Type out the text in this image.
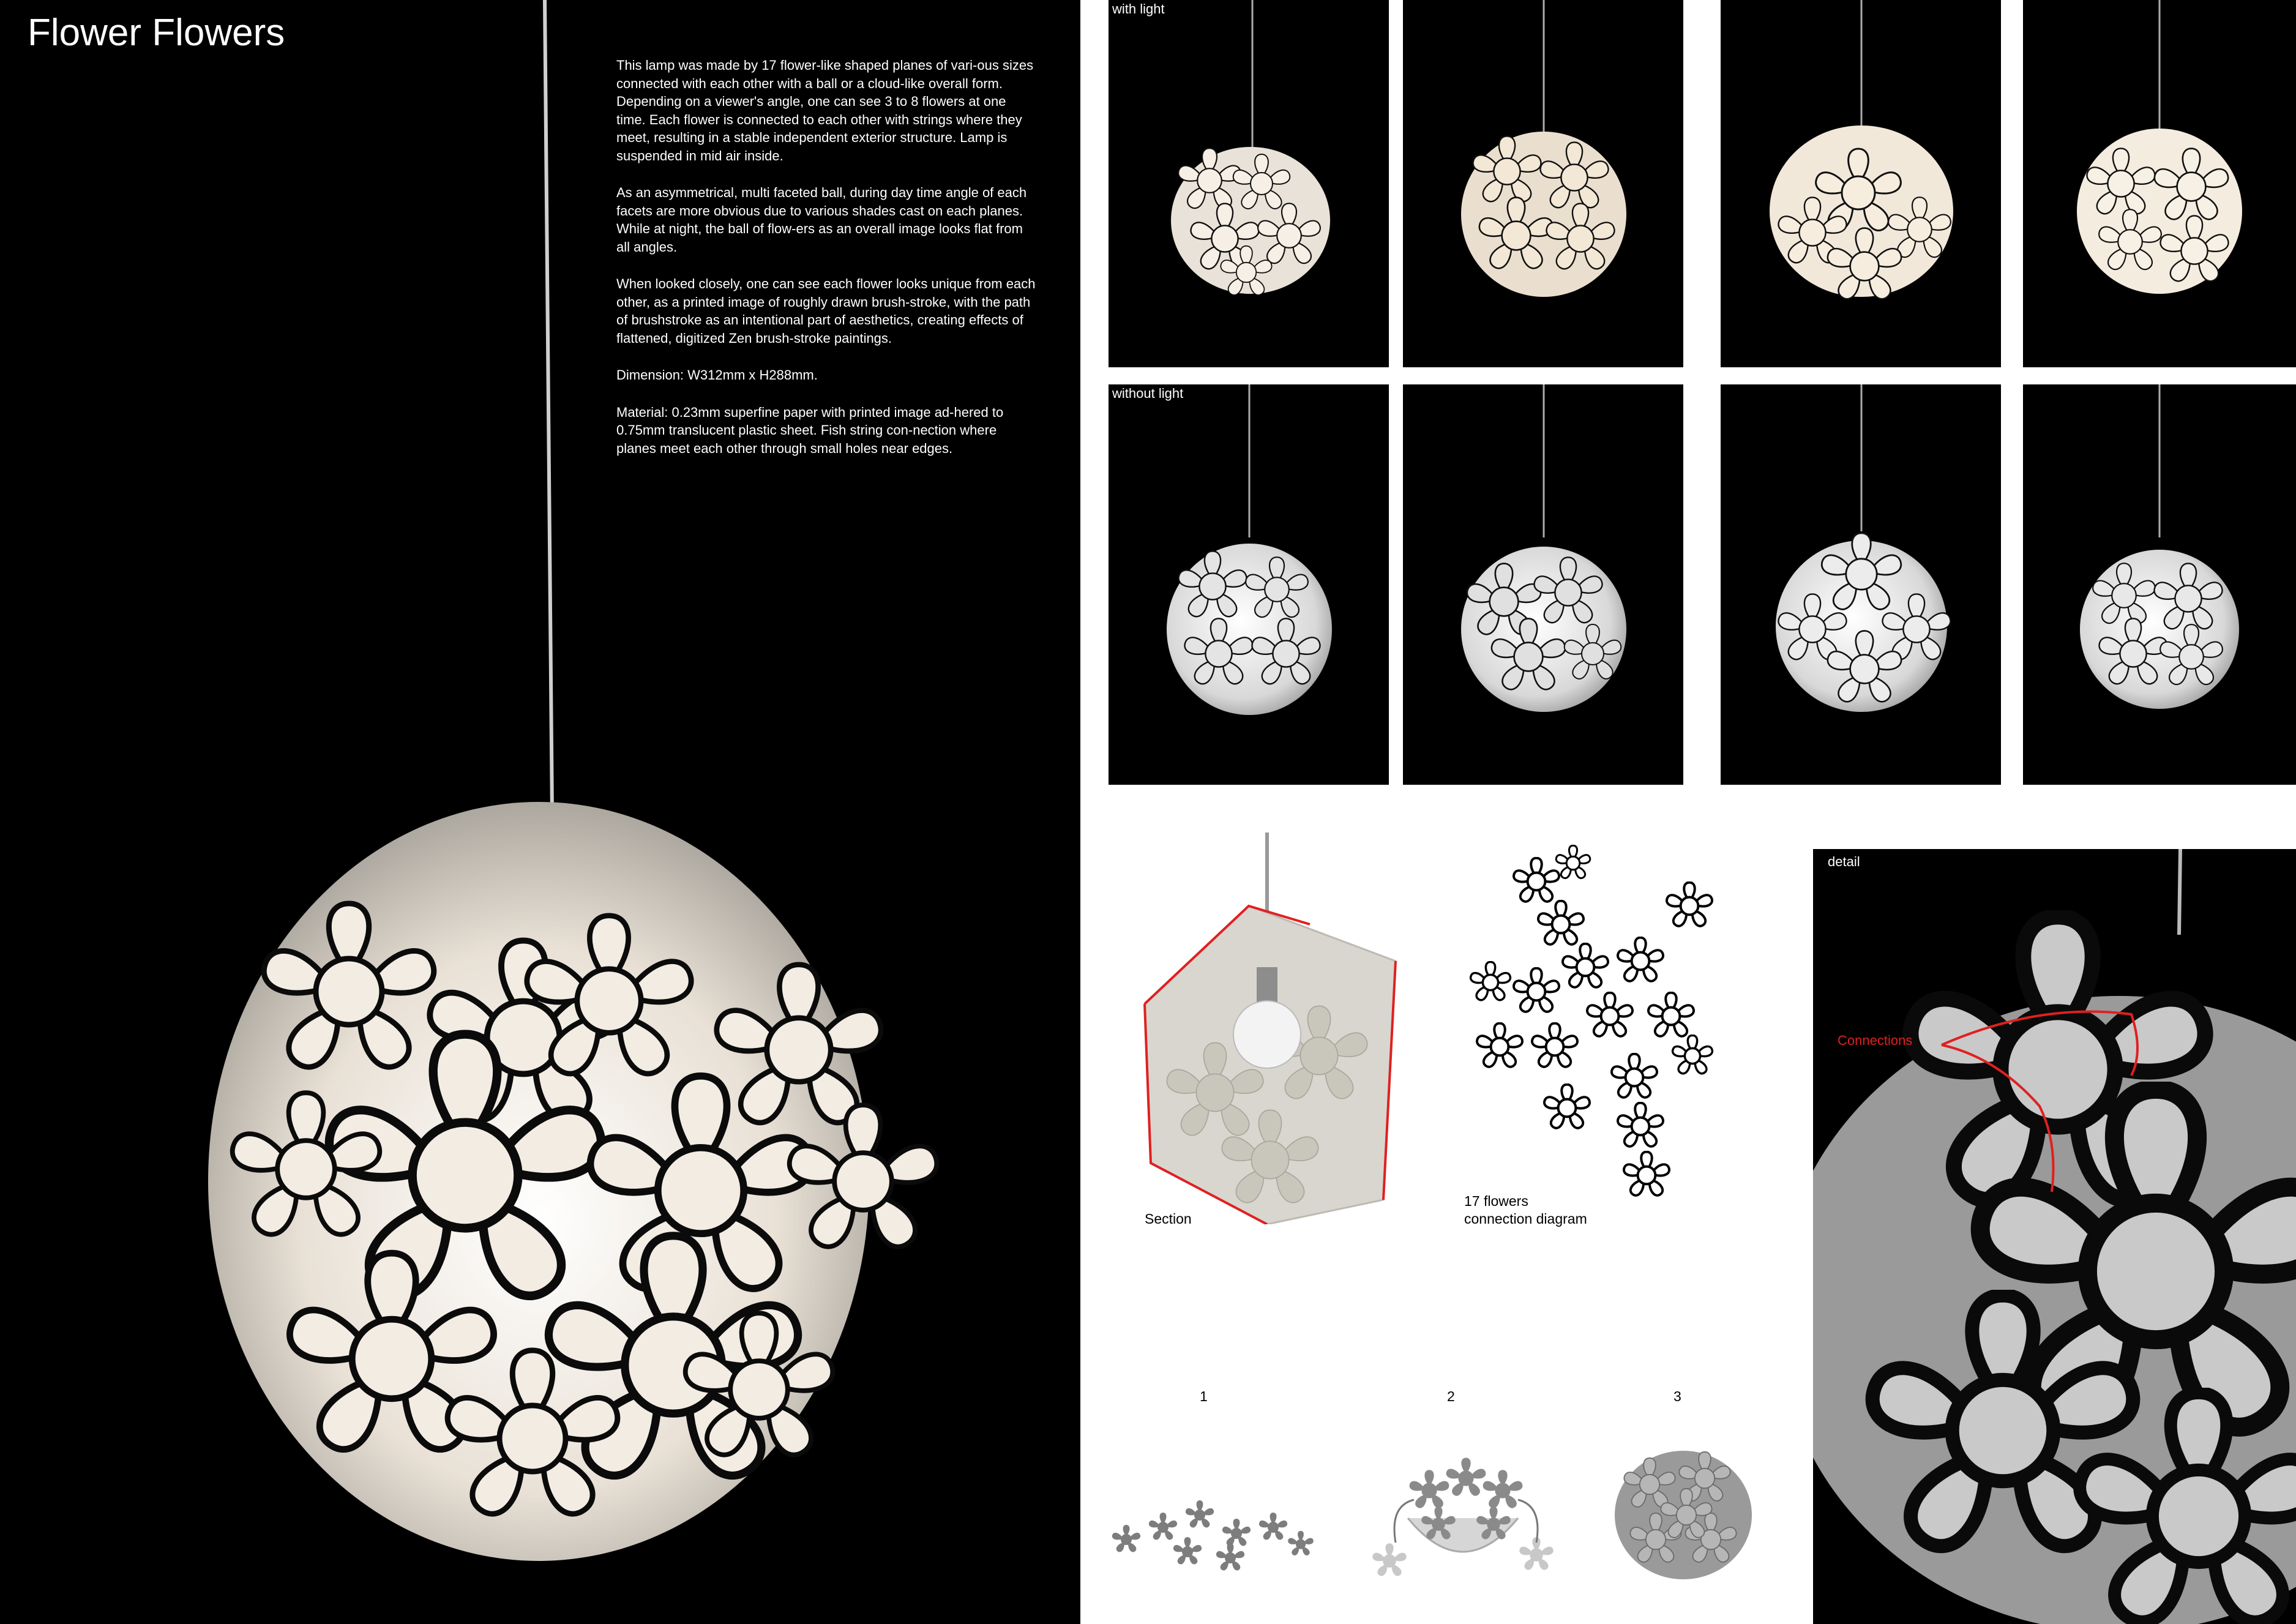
Flower Flowers

This lamp was made by 17 flower-like shaped planes of vari-ous sizes connected with each other with a ball or a cloud-like overall form. Depending on a viewer's angle, one can see 3 to 8 flowers at one time. Each flower is connected to each other with strings where they meet, resulting in a stable independent exterior structure. Lamp is suspended in mid air inside.

As an asymmetrical, multi faceted ball, during day time angle of each facets are more obvious due to various shades cast on each planes. While at night, the ball of flow-ers as an overall image looks flat from all angles.

When looked closely, one can see each flower looks unique from each other, as a printed image of roughly drawn brush-stroke, with the path of brushstroke as an intentional part of aesthetics, creating effects of flattened, digitized Zen brush-stroke paintings.

Dimension: W312mm x H288mm.

Material: 0.23mm superfine paper with printed image ad-hered to 0.75mm translucent plastic sheet. Fish string con-nection where planes meet each other through small holes near edges.

with light
without light
Section
17 flowers
connection diagram
1	2	3
detail
Connections
